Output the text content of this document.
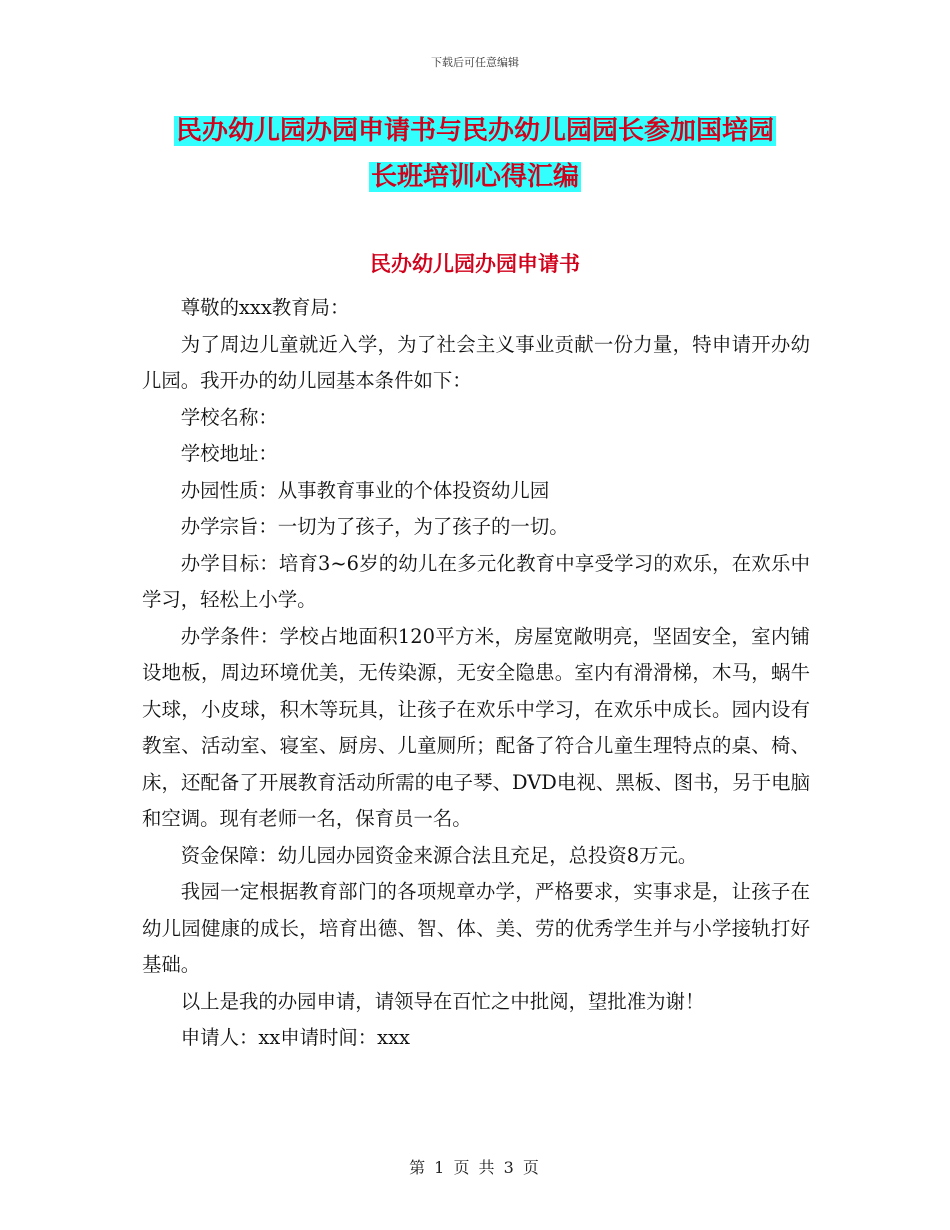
下载后可任意编辑
民办幼儿园办园申请书与民办幼儿园园长参加国培园
长班培训心得汇编
民办幼儿园办园申请书

尊敬的xxx教育局：

为了周边儿童就近入学，为了社会主义事业贡献一份力量，特申请开办幼儿园。我开办的幼儿园基本条件如下：

学校名称：

学校地址：

办园性质：从事教育事业的个体投资幼儿园

办学宗旨：一切为了孩子，为了孩子的一切。

办学目标：培育3~6岁的幼儿在多元化教育中享受学习的欢乐，在欢乐中学习，轻松上小学。

办学条件：学校占地面积120平方米，房屋宽敞明亮，坚固安全，室内铺设地板，周边环境优美，无传染源，无安全隐患。室内有滑滑梯，木马，蜗牛大球，小皮球，积木等玩具，让孩子在欢乐中学习，在欢乐中成长。园内设有教室、活动室、寝室、厨房、儿童厕所；配备了符合儿童生理特点的桌、椅、床，还配备了开展教育活动所需的电子琴、DVD电视、黑板、图书，另于电脑和空调。现有老师一名，保育员一名。

资金保障：幼儿园办园资金来源合法且充足，总投资8万元。

我园一定根据教育部门的各项规章办学，严格要求，实事求是，让孩子在幼儿园健康的成长，培育出德、智、体、美、劳的优秀学生并与小学接轨打好基础。

以上是我的办园申请，请领导在百忙之中批阅，望批准为谢！

申请人：xx申请时间：xxx

第 1 页 共 3 页
